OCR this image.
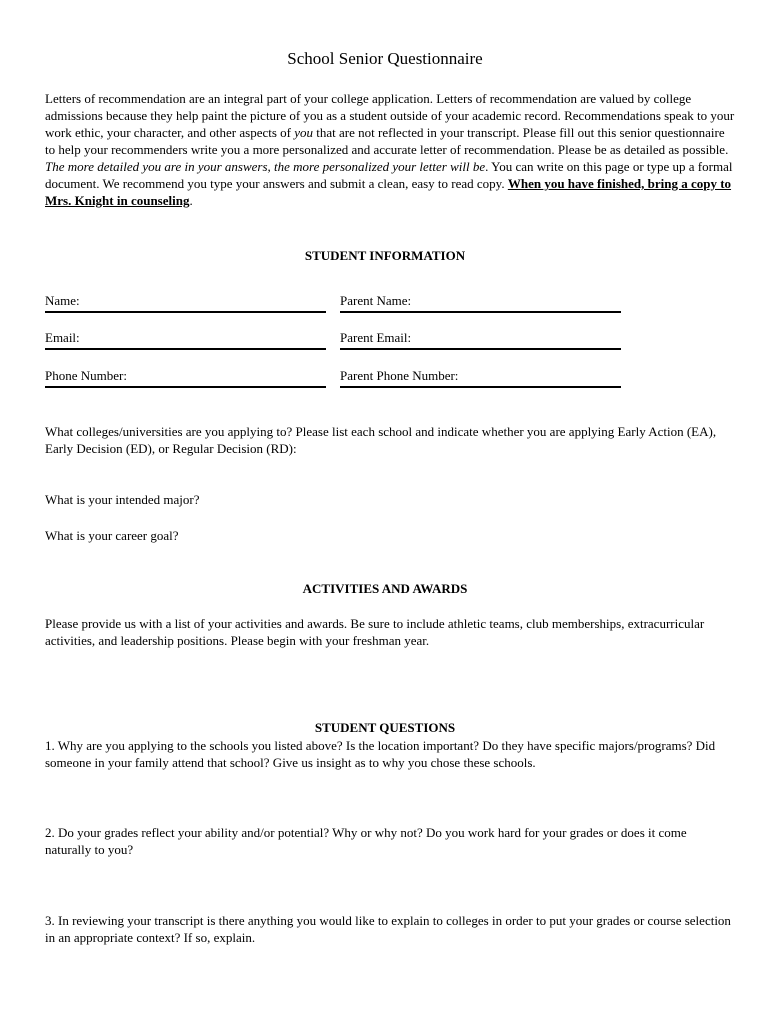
School Senior Questionnaire

Letters of recommendation are an integral part of your college application. Letters of recommendation are valued by college admissions because they help paint the picture of you as a student outside of your academic record. Recommendations speak to your work ethic, your character, and other aspects of you that are not reflected in your transcript. Please fill out this senior questionnaire to help your recommenders write you a more personalized and accurate letter of recommendation. Please be as detailed as possible. The more detailed you are in your answers, the more personalized your letter will be. You can write on this page or type up a formal document. We recommend you type your answers and submit a clean, easy to read copy. When you have finished, bring a copy to Mrs. Knight in counseling.

STUDENT INFORMATION
Name:	Parent Name:
Email:	Parent Email:
Phone Number:	Parent Phone Number:

What colleges/universities are you applying to? Please list each school and indicate whether you are applying Early Action (EA), Early Decision (ED), or Regular Decision (RD):

What is your intended major?

What is your career goal?

ACTIVITIES AND AWARDS

Please provide us with a list of your activities and awards. Be sure to include athletic teams, club memberships, extracurricular activities, and leadership positions. Please begin with your freshman year.

STUDENT QUESTIONS

1. Why are you applying to the schools you listed above? Is the location important? Do they have specific majors/programs? Did someone in your family attend that school? Give us insight as to why you chose these schools.

2. Do your grades reflect your ability and/or potential? Why or why not? Do you work hard for your grades or does it come naturally to you?

3. In reviewing your transcript is there anything you would like to explain to colleges in order to put your grades or course selection in an appropriate context? If so, explain.
